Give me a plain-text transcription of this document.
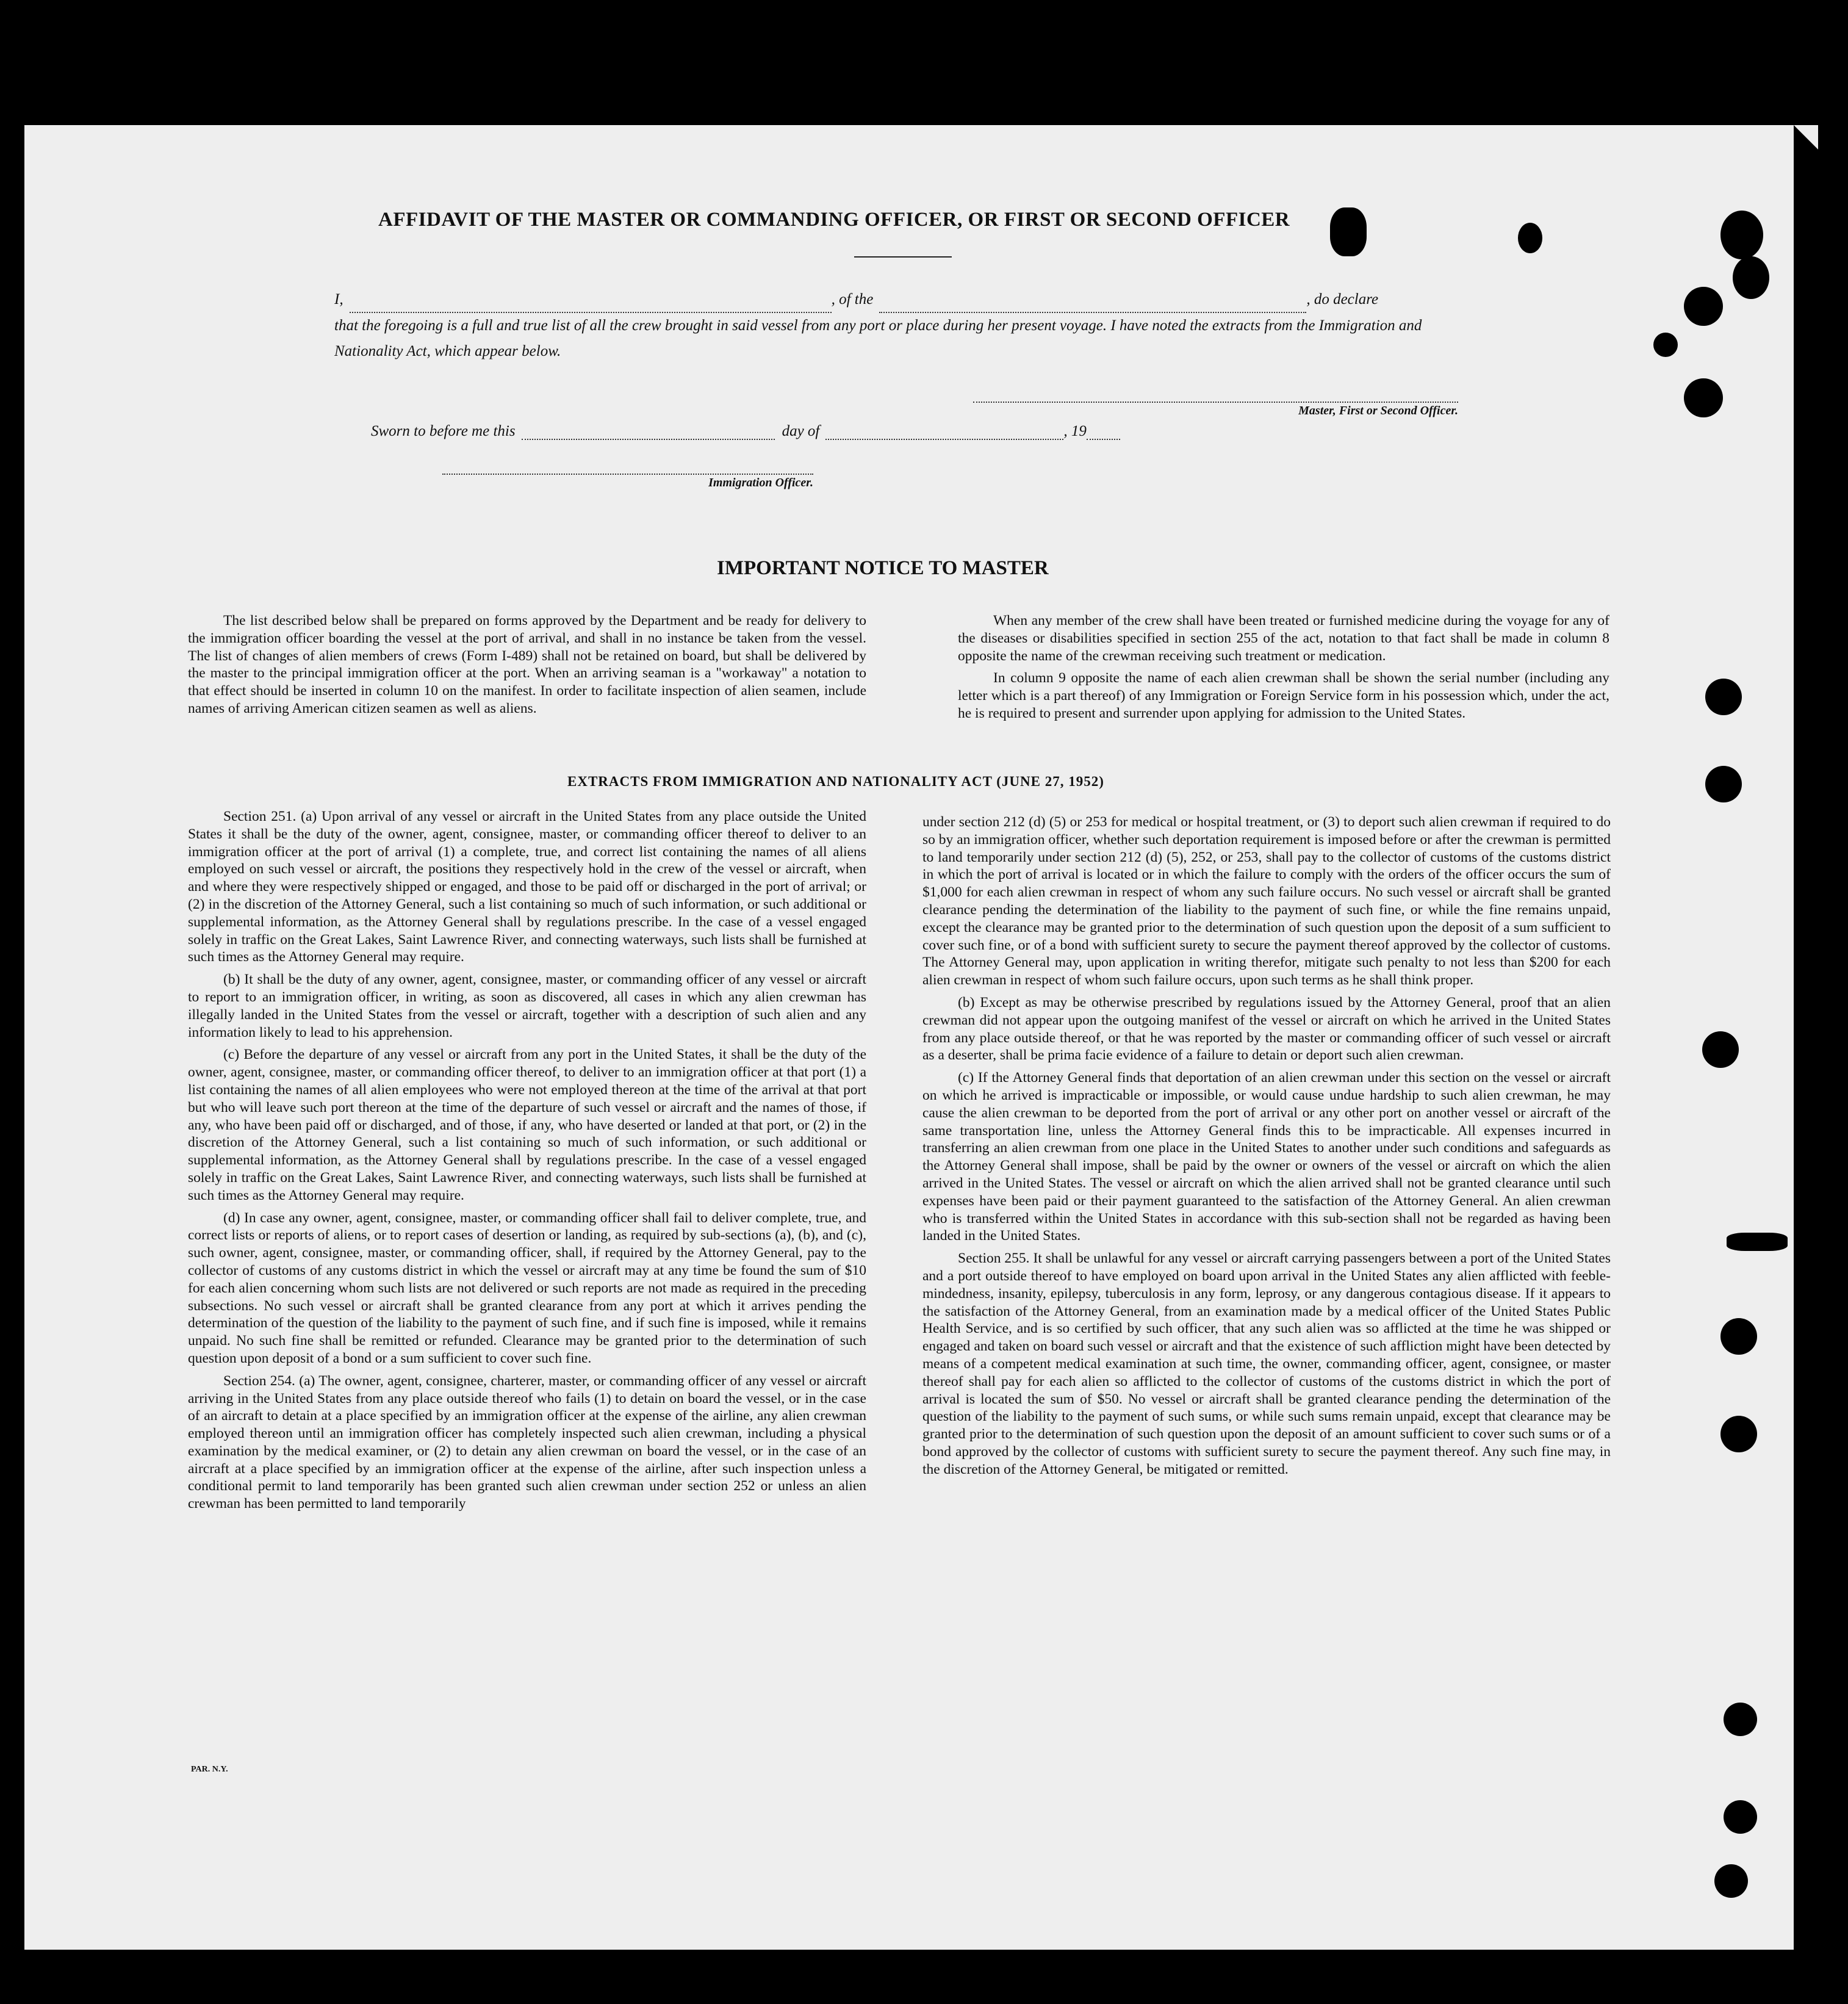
AFFIDAVIT OF THE MASTER OR COMMANDING OFFICER, OR FIRST OR SECOND OFFICER
I,	, of the	, do declare
that the foregoing is a full and true list of all the crew brought in said vessel from any port or place during her present voyage. I have noted the extracts from the Immigration and Nationality Act, which appear below.
Master, First or Second Officer.
Sworn to before me this	day of	, 19
Immigration Officer.
IMPORTANT NOTICE TO MASTER

The list described below shall be prepared on forms approved by the Department and be ready for delivery to the immigration officer boarding the vessel at the port of arrival, and shall in no instance be taken from the vessel. The list of changes of alien members of crews (Form I-489) shall not be retained on board, but shall be delivered by the master to the principal immigration officer at the port. When an arriving seaman is a "workaway" a notation to that effect should be inserted in column 10 on the manifest. In order to facilitate inspection of alien seamen, include names of arriving American citizen seamen as well as aliens.

When any member of the crew shall have been treated or furnished medicine during the voyage for any of the diseases or disabilities specified in section 255 of the act, notation to that fact shall be made in column 8 opposite the name of the crewman receiving such treatment or medication.

In column 9 opposite the name of each alien crewman shall be shown the serial number (including any letter which is a part thereof) of any Immigration or Foreign Service form in his possession which, under the act, he is required to present and surrender upon applying for admission to the United States.

EXTRACTS FROM IMMIGRATION AND NATIONALITY ACT (JUNE 27, 1952)

Section 251. (a) Upon arrival of any vessel or aircraft in the United States from any place outside the United States it shall be the duty of the owner, agent, consignee, master, or commanding officer thereof to deliver to an immigration officer at the port of arrival (1) a complete, true, and correct list containing the names of all aliens employed on such vessel or aircraft, the positions they respectively hold in the crew of the vessel or aircraft, when and where they were respectively shipped or engaged, and those to be paid off or discharged in the port of arrival; or (2) in the discretion of the Attorney General, such a list containing so much of such information, or such additional or supplemental information, as the Attorney General shall by regulations prescribe. In the case of a vessel engaged solely in traffic on the Great Lakes, Saint Lawrence River, and connecting waterways, such lists shall be furnished at such times as the Attorney General may require.

(b) It shall be the duty of any owner, agent, consignee, master, or commanding officer of any vessel or aircraft to report to an immigration officer, in writing, as soon as discovered, all cases in which any alien crewman has illegally landed in the United States from the vessel or aircraft, together with a description of such alien and any information likely to lead to his apprehension.

(c) Before the departure of any vessel or aircraft from any port in the United States, it shall be the duty of the owner, agent, consignee, master, or commanding officer thereof, to deliver to an immigration officer at that port (1) a list containing the names of all alien employees who were not employed thereon at the time of the arrival at that port but who will leave such port thereon at the time of the departure of such vessel or aircraft and the names of those, if any, who have been paid off or discharged, and of those, if any, who have deserted or landed at that port, or (2) in the discretion of the Attorney General, such a list containing so much of such information, or such additional or supplemental information, as the Attorney General shall by regulations prescribe. In the case of a vessel engaged solely in traffic on the Great Lakes, Saint Lawrence River, and connecting waterways, such lists shall be furnished at such times as the Attorney General may require.

(d) In case any owner, agent, consignee, master, or commanding officer shall fail to deliver complete, true, and correct lists or reports of aliens, or to report cases of desertion or landing, as required by sub-sections (a), (b), and (c), such owner, agent, consignee, master, or commanding officer, shall, if required by the Attorney General, pay to the collector of customs of any customs district in which the vessel or aircraft may at any time be found the sum of $10 for each alien concerning whom such lists are not delivered or such reports are not made as required in the preceding subsections. No such vessel or aircraft shall be granted clearance from any port at which it arrives pending the determination of the question of the liability to the payment of such fine, and if such fine is imposed, while it remains unpaid. No such fine shall be remitted or refunded. Clearance may be granted prior to the determination of such question upon deposit of a bond or a sum sufficient to cover such fine.

Section 254. (a) The owner, agent, consignee, charterer, master, or commanding officer of any vessel or aircraft arriving in the United States from any place outside thereof who fails (1) to detain on board the vessel, or in the case of an aircraft to detain at a place specified by an immigration officer at the expense of the airline, any alien crewman employed thereon until an immigration officer has completely inspected such alien crewman, including a physical examination by the medical examiner, or (2) to detain any alien crewman on board the vessel, or in the case of an aircraft at a place specified by an immigration officer at the expense of the airline, after such inspection unless a conditional permit to land temporarily has been granted such alien crewman under section 252 or unless an alien crewman has been permitted to land temporarily

under section 212 (d) (5) or 253 for medical or hospital treatment, or (3) to deport such alien crewman if required to do so by an immigration officer, whether such deportation requirement is imposed before or after the crewman is permitted to land temporarily under section 212 (d) (5), 252, or 253, shall pay to the collector of customs of the customs district in which the port of arrival is located or in which the failure to comply with the orders of the officer occurs the sum of $1,000 for each alien crewman in respect of whom any such failure occurs. No such vessel or aircraft shall be granted clearance pending the determination of the liability to the payment of such fine, or while the fine remains unpaid, except the clearance may be granted prior to the determination of such question upon the deposit of a sum sufficient to cover such fine, or of a bond with sufficient surety to secure the payment thereof approved by the collector of customs. The Attorney General may, upon application in writing therefor, mitigate such penalty to not less than $200 for each alien crewman in respect of whom such failure occurs, upon such terms as he shall think proper.

(b) Except as may be otherwise prescribed by regulations issued by the Attorney General, proof that an alien crewman did not appear upon the outgoing manifest of the vessel or aircraft on which he arrived in the United States from any place outside thereof, or that he was reported by the master or commanding officer of such vessel or aircraft as a deserter, shall be prima facie evidence of a failure to detain or deport such alien crewman.

(c) If the Attorney General finds that deportation of an alien crewman under this section on the vessel or aircraft on which he arrived is impracticable or impossible, or would cause undue hardship to such alien crewman, he may cause the alien crewman to be deported from the port of arrival or any other port on another vessel or aircraft of the same transportation line, unless the Attorney General finds this to be impracticable. All expenses incurred in transferring an alien crewman from one place in the United States to another under such conditions and safeguards as the Attorney General shall impose, shall be paid by the owner or owners of the vessel or aircraft on which the alien arrived in the United States. The vessel or aircraft on which the alien arrived shall not be granted clearance until such expenses have been paid or their payment guaranteed to the satisfaction of the Attorney General. An alien crewman who is transferred within the United States in accordance with this sub-section shall not be regarded as having been landed in the United States.

Section 255. It shall be unlawful for any vessel or aircraft carrying passengers between a port of the United States and a port outside thereof to have employed on board upon arrival in the United States any alien afflicted with feeble-mindedness, insanity, epilepsy, tuberculosis in any form, leprosy, or any dangerous contagious disease. If it appears to the satisfaction of the Attorney General, from an examination made by a medical officer of the United States Public Health Service, and is so certified by such officer, that any such alien was so afflicted at the time he was shipped or engaged and taken on board such vessel or aircraft and that the existence of such affliction might have been detected by means of a competent medical examination at such time, the owner, commanding officer, agent, consignee, or master thereof shall pay for each alien so afflicted to the collector of customs of the customs district in which the port of arrival is located the sum of $50. No vessel or aircraft shall be granted clearance pending the determination of the question of the liability to the payment of such sums, or while such sums remain unpaid, except that clearance may be granted prior to the determination of such question upon the deposit of an amount sufficient to cover such sums or of a bond approved by the collector of customs with sufficient surety to secure the payment thereof. Any such fine may, in the discretion of the Attorney General, be mitigated or remitted.

PAR. N.Y.
